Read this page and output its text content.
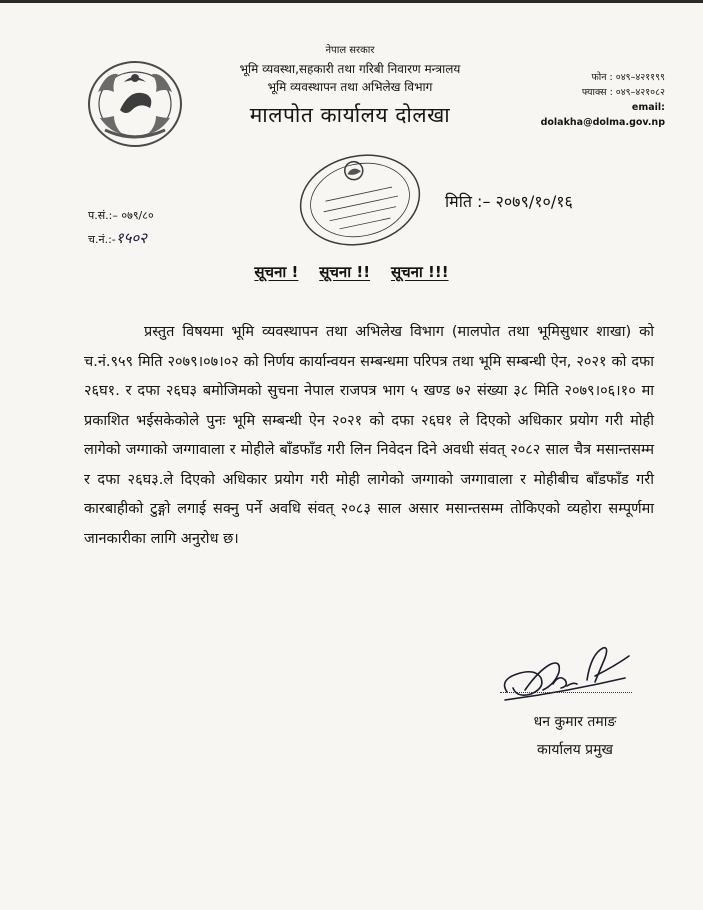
नेपाल सरकार
भूमि व्यवस्था,सहकारी तथा गरिबी निवारण मन्त्रालय
भूमि व्यवस्थापन तथा अभिलेख विभाग
मालपोत कार्यालय दोलखा
फोन : ०४९–४२११९९
फ्याक्स : ०४९–४२१०८२
email:
dolakha@dolma.gov.np
प.सं.:– ०७९/८०
च.नं.:-१५०२
मिति :– २०७९/१०/१६
सूचना ! सूचना !! सूचना !!!
प्रस्तुत विषयमा भूमि व्यवस्थापन तथा अभिलेख विभाग (मालपोत तथा भूमिसुधार शाखा) को च.नं.९५९ मिति २०७९।०७।०२ को निर्णय कार्यान्वयन सम्बन्धमा परिपत्र तथा भूमि सम्बन्धी ऐन, २०२१ को दफा २६घ१. र दफा २६घ३ बमोजिमको सुचना नेपाल राजपत्र भाग ५ खण्ड ७२ संख्या ३८ मिति २०७९।०६।१० मा प्रकाशित भईसकेकोले पुनः भूमि सम्बन्धी ऐन २०२१ को दफा २६घ१ ले दिएको अधिकार प्रयोग गरी मोही लागेको जग्गाको जग्गावाला र मोहीले बाँडफाँड गरी लिन निवेदन दिने अवधी संवत् २०८२ साल चैत्र मसान्तसम्म र दफा २६घ३.ले दिएको अधिकार प्रयोग गरी मोही लागेको जग्गाको जग्गावाला र मोहीबीच बाँडफाँड गरी कारबाहीको टुङ्गो लगाई सक्नु पर्ने अवधि संवत् २०८३ साल असार मसान्तसम्म तोकिएको व्यहोरा सम्पूर्णमा जानकारीका लागि अनुरोध छ।
धन कुमार तमाङ
कार्यालय प्रमुख
